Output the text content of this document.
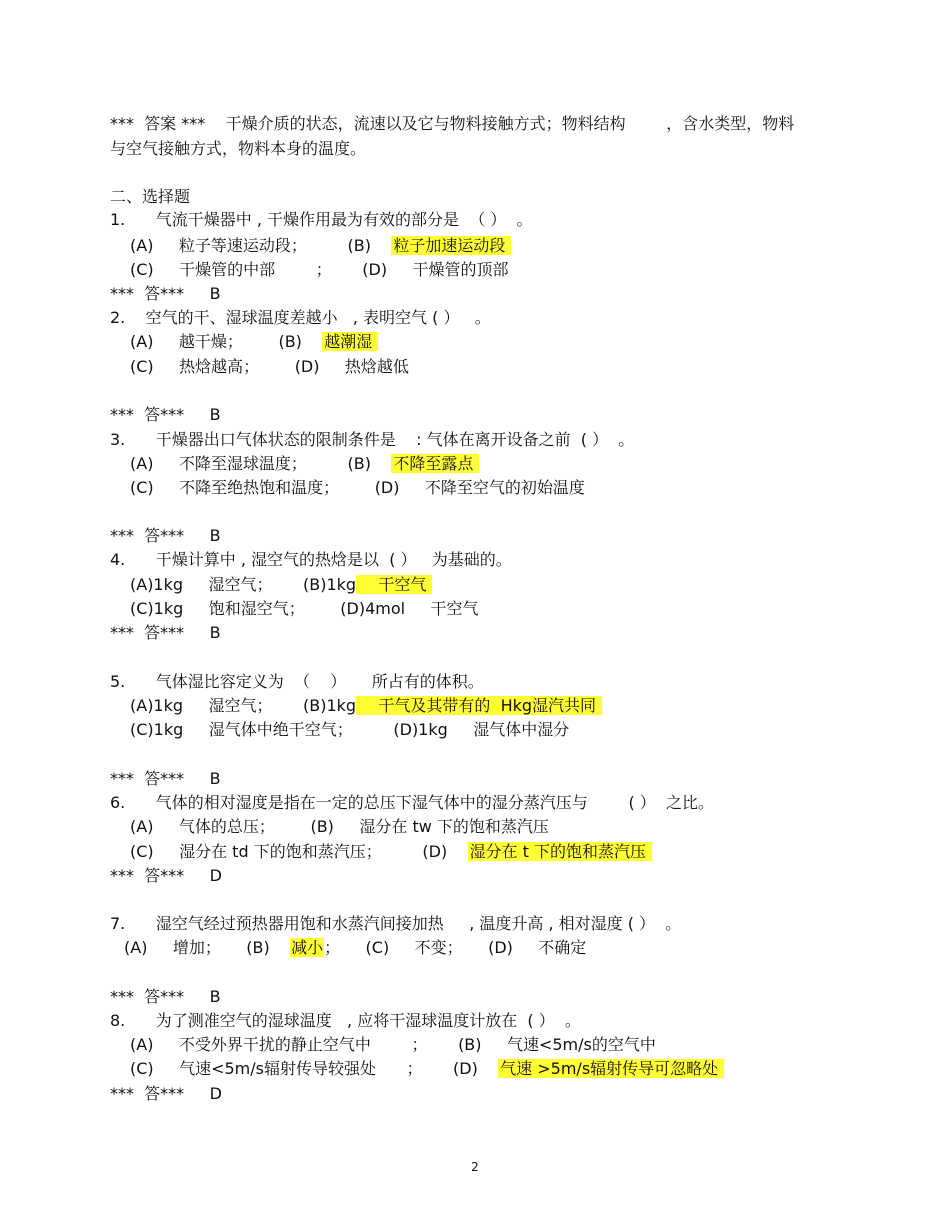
***  答案 ***    干燥介质的状态，流速以及它与物料接触方式；物料结构        ，含水类型，物料
与空气接触方式，物料本身的温度。
二、选择题
1.      气流干燥器中 , 干燥作用最为有效的部分是  （ ）  。
(A)     粒子等速运动段；        (B)    粒子加速运动段
(C)     干燥管的中部        ；      (D)     干燥管的顶部
***  答***     B
2.    空气的干、湿球温度差越小   , 表明空气 ( ）   。
(A)     越干燥；       (B)    越潮湿
(C)     热焓越高；       (D)     热焓越低
***  答***     B
3.      干燥器出口气体状态的限制条件是    : 气体在离开设备之前  ( ）  。
(A)     不降至湿球温度；        (B)    不降至露点
(C)     不降至绝热饱和温度；       (D)     不降至空气的初始温度
***  答***     B
4.      干燥计算中 , 湿空气的热焓是以  ( ）   为基础的。
(A)1kg     湿空气；      (B)1kg    干空气
(C)1kg     饱和湿空气；       (D)4mol     干空气
***  答***     B
5.      气体湿比容定义为  （    ）     所占有的体积。
(A)1kg     湿空气；      (B)1kg    干气及其带有的  Hkg湿汽共同
(C)1kg     湿气体中绝干空气；        (D)1kg     湿气体中湿分
***  答***     B
6.      气体的相对湿度是指在一定的总压下湿气体中的湿分蒸汽压与        ( ）  之比。
(A)     气体的总压；       (B)     湿分在 tw 下的饱和蒸汽压
(C)     湿分在 td 下的饱和蒸汽压；        (D)    湿分在 t 下的饱和蒸汽压
***  答***     D
7.      湿空气经过预热器用饱和水蒸汽间接加热     , 温度升高 , 相对湿度 ( ）  。
(A)     增加；     (B)    减小；     (C)     不变；     (D)     不确定
***  答***     B
8.      为了测准空气的湿球温度   , 应将干湿球温度计放在  ( ）  。
(A)     不受外界干扰的静止空气中        ；      (B)     气速<5m/s的空气中
(C)     气速<5m/s辐射传导较强处      ；      (D)    气速 >5m/s辐射传导可忽略处
***  答***     D
2
